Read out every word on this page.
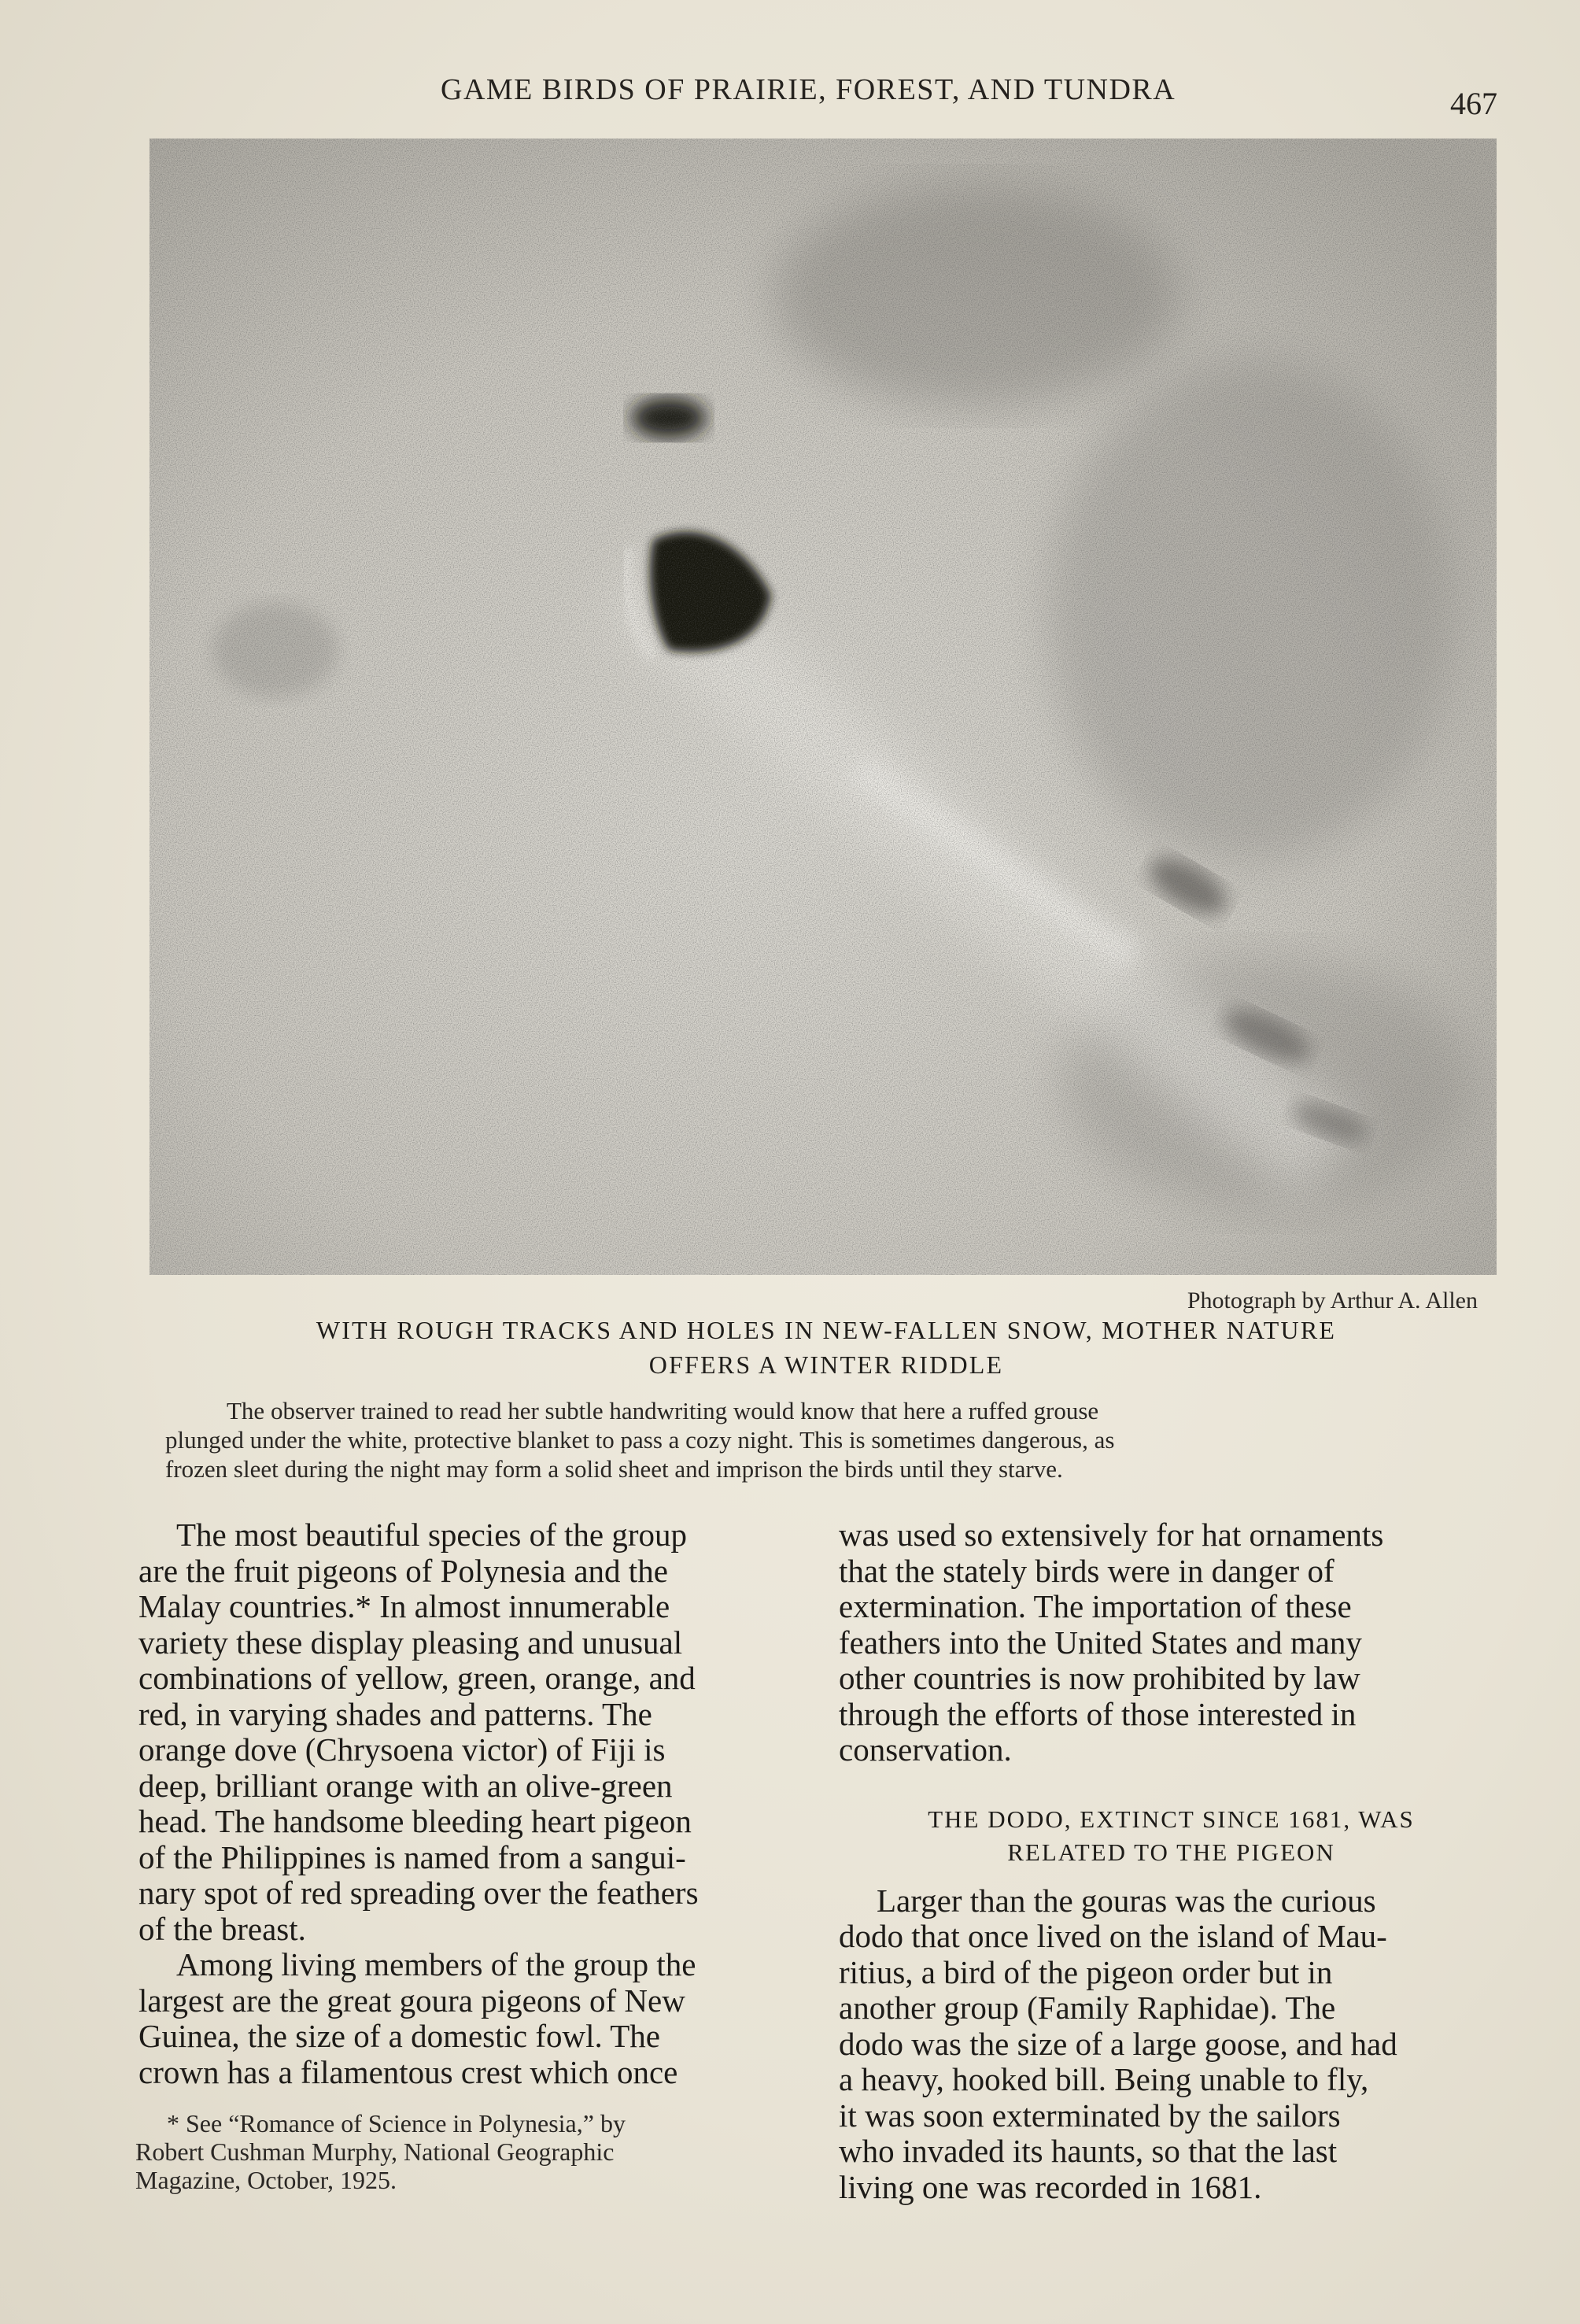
GAME BIRDS OF PRAIRIE, FOREST, AND TUNDRA	467
Photograph by Arthur A. Allen
WITH ROUGH TRACKS AND HOLES IN NEW-FALLEN SNOW, MOTHER NATURE
OFFERS A WINTER RIDDLE
The observer trained to read her subtle handwriting would know that here a ruffed grouse
plunged under the white, protective blanket to pass a cozy night. This is sometimes dangerous, as
frozen sleet during the night may form a solid sheet and imprison the birds until they starve.
The most beautiful species of the group
are the fruit pigeons of Polynesia and the
Malay countries.* In almost innumerable
variety these display pleasing and unusual
combinations of yellow, green, orange, and
red, in varying shades and patterns. The
orange dove (Chrysoena victor) of Fiji is
deep, brilliant orange with an olive-green
head. The handsome bleeding heart pigeon
of the Philippines is named from a sangui-
nary spot of red spreading over the feathers
of the breast.
Among living members of the group the
largest are the great goura pigeons of New
Guinea, the size of a domestic fowl. The
crown has a filamentous crest which once
* See “Romance of Science in Polynesia,” by
Robert Cushman Murphy, National Geographic
Magazine, October, 1925.
was used so extensively for hat ornaments
that the stately birds were in danger of
extermination. The importation of these
feathers into the United States and many
other countries is now prohibited by law
through the efforts of those interested in
conservation.
THE DODO, EXTINCT SINCE 1681, WAS
RELATED TO THE PIGEON
Larger than the gouras was the curious
dodo that once lived on the island of Mau-
ritius, a bird of the pigeon order but in
another group (Family Raphidae). The
dodo was the size of a large goose, and had
a heavy, hooked bill. Being unable to fly,
it was soon exterminated by the sailors
who invaded its haunts, so that the last
living one was recorded in 1681.
